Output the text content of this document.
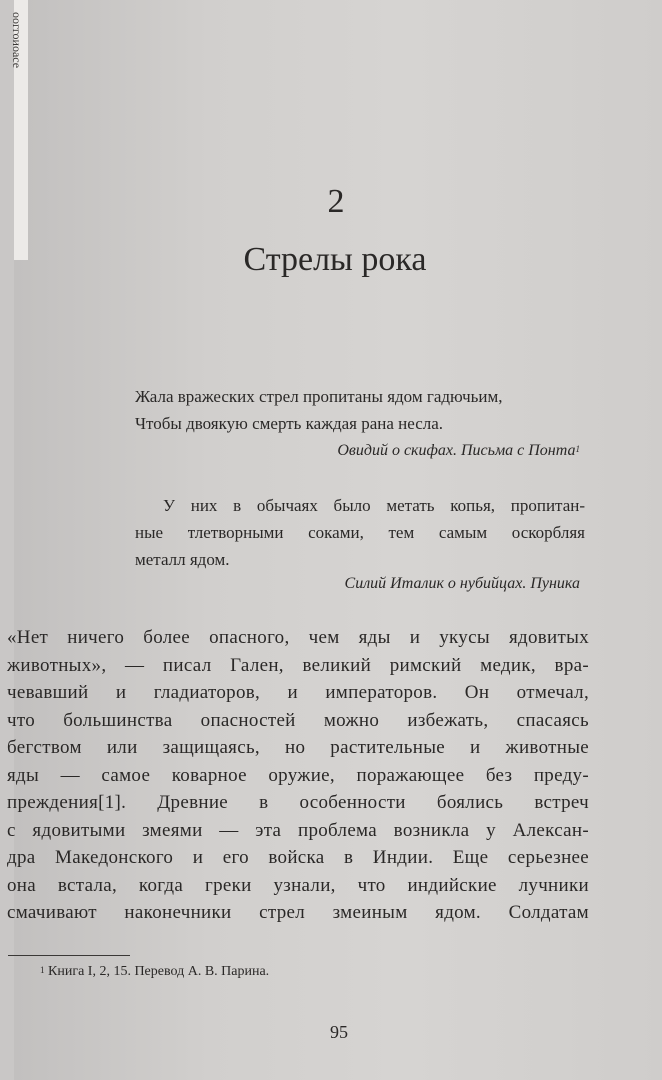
ооггоиоасе
2
Стрелы рока
Жала вражеских стрел пропитаны ядом гадючьим,
Чтобы двоякую смерть каждая рана несла.
Овидий о скифах. Письма с Понта$^1$
У них в обычаях было метать копья, пропитан-
ные тлетворными соками, тем самым оскорбляя
металл ядом.
Силий Италик о нубийцах. Пуника
«Нет ничего более опасного, чем яды и укусы ядовитых
животных», — писал Гален, великий римский медик, вра-
чевавший и гладиаторов, и императоров. Он отмечал,
что большинства опасностей можно избежать, спасаясь
бегством или защищаясь, но растительные и животные
яды — самое коварное оружие, поражающее без преду-
преждения[1]. Древние в особенности боялись встреч
с ядовитыми змеями — эта проблема возникла у Алексан-
дра Македонского и его войска в Индии. Еще серьезнее
она встала, когда греки узнали, что индийские лучники
смачивают наконечники стрел змеиным ядом. Солдатам
$^1$ Книга I, 2, 15. Перевод А. В. Парина.
95
